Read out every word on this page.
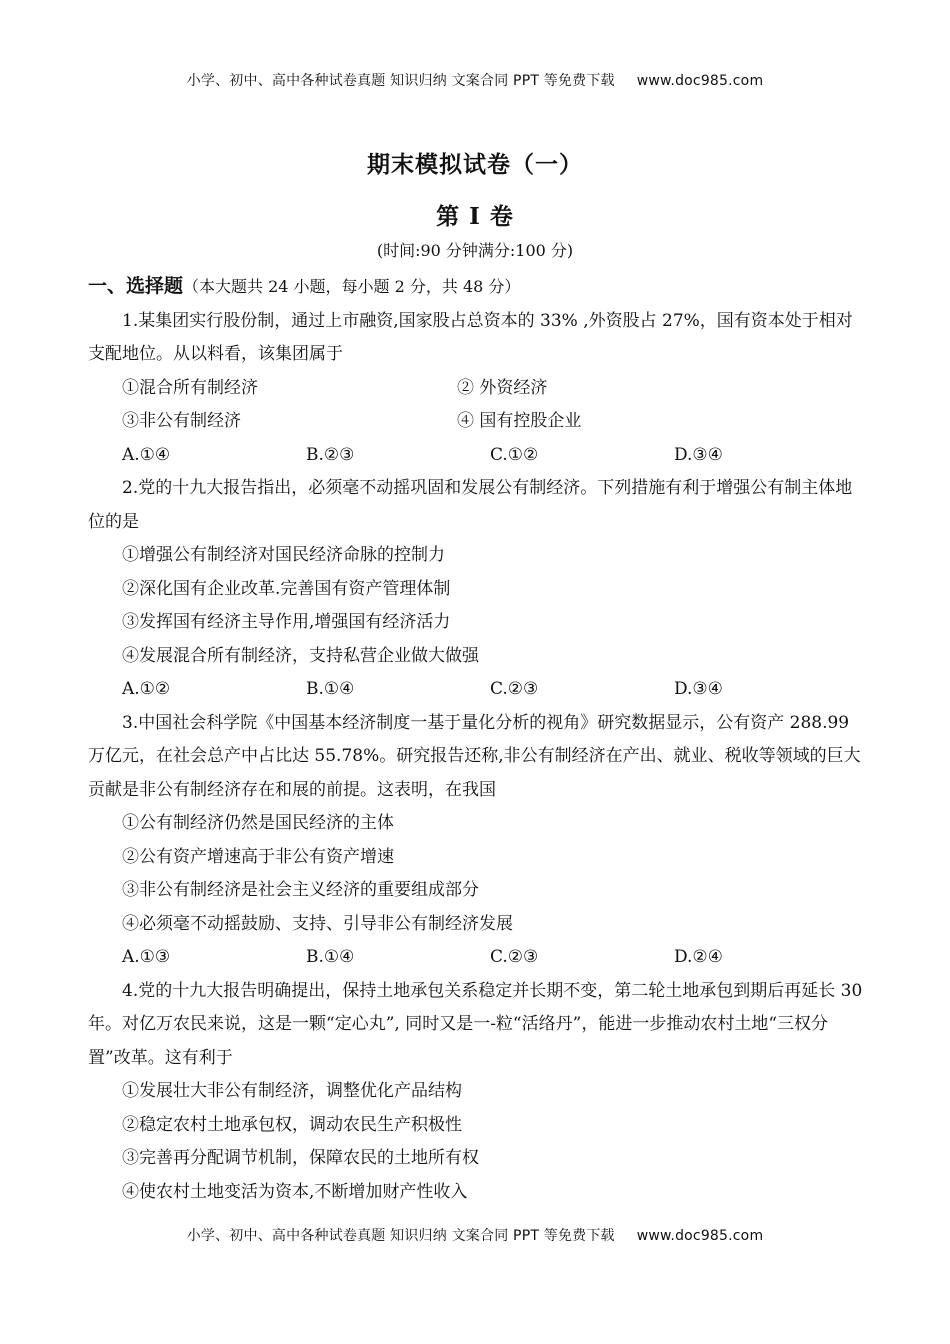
小学、初中、高中各种试卷真题 知识归纳 文案合同 PPT 等免费下载 www.doc985.com
期末模拟试卷（一）
第 I 卷
(时间:90 分钟满分:100 分)

一、选择题（本大题共 24 小题，每小题 2 分，共 48 分）

1.某集团实行股份制，通过上市融资,国家股占总资本的 33% ,外资股占 27%，国有资本处于相对支配地位。从以料看，该集团属于

①混合所有制经济	② 外资经济
③非公有制经济	④ 国有控股企业
A.①④	B.②③	C.①②	D.③④

2.党的十九大报告指出，必须毫不动摇巩固和发展公有制经济。下列措施有利于增强公有制主体地位的是

①增强公有制经济对国民经济命脉的控制力

②深化国有企业改革.完善国有资产管理体制

③发挥国有经济主导作用,增强国有经济活力

④发展混合所有制经济，支持私营企业做大做强

A.①②	B.①④	C.②③	D.③④

3.中国社会科学院《中国基本经济制度一基于量化分析的视角》研究数据显示，公有资产 288.99 万亿元，在社会总产中占比达 55.78%。研究报告还称,非公有制经济在产出、就业、税收等领域的巨大贡献是非公有制经济存在和展的前提。这表明，在我国

①公有制经济仍然是国民经济的主体

②公有资产增速高于非公有资产增速

③非公有制经济是社会主义经济的重要组成部分

④必须毫不动摇鼓励、支持、引导非公有制经济发展

A.①③	B.①④	C.②③	D.②④

4.党的十九大报告明确提出，保持土地承包关系稳定并长期不变，第二轮土地承包到期后再延长 30 年。对亿万农民来说，这是一颗“定心丸”, 同时又是一-粒“活络丹”，能进一步推动农村土地“三权分置”改革。这有利于

①发展壮大非公有制经济，调整优化产品结构

②稳定农村土地承包权，调动农民生产积极性

③完善再分配调节机制，保障农民的土地所有权

④使农村土地变活为资本,不断增加财产性收入

小学、初中、高中各种试卷真题 知识归纳 文案合同 PPT 等免费下载 www.doc985.com
